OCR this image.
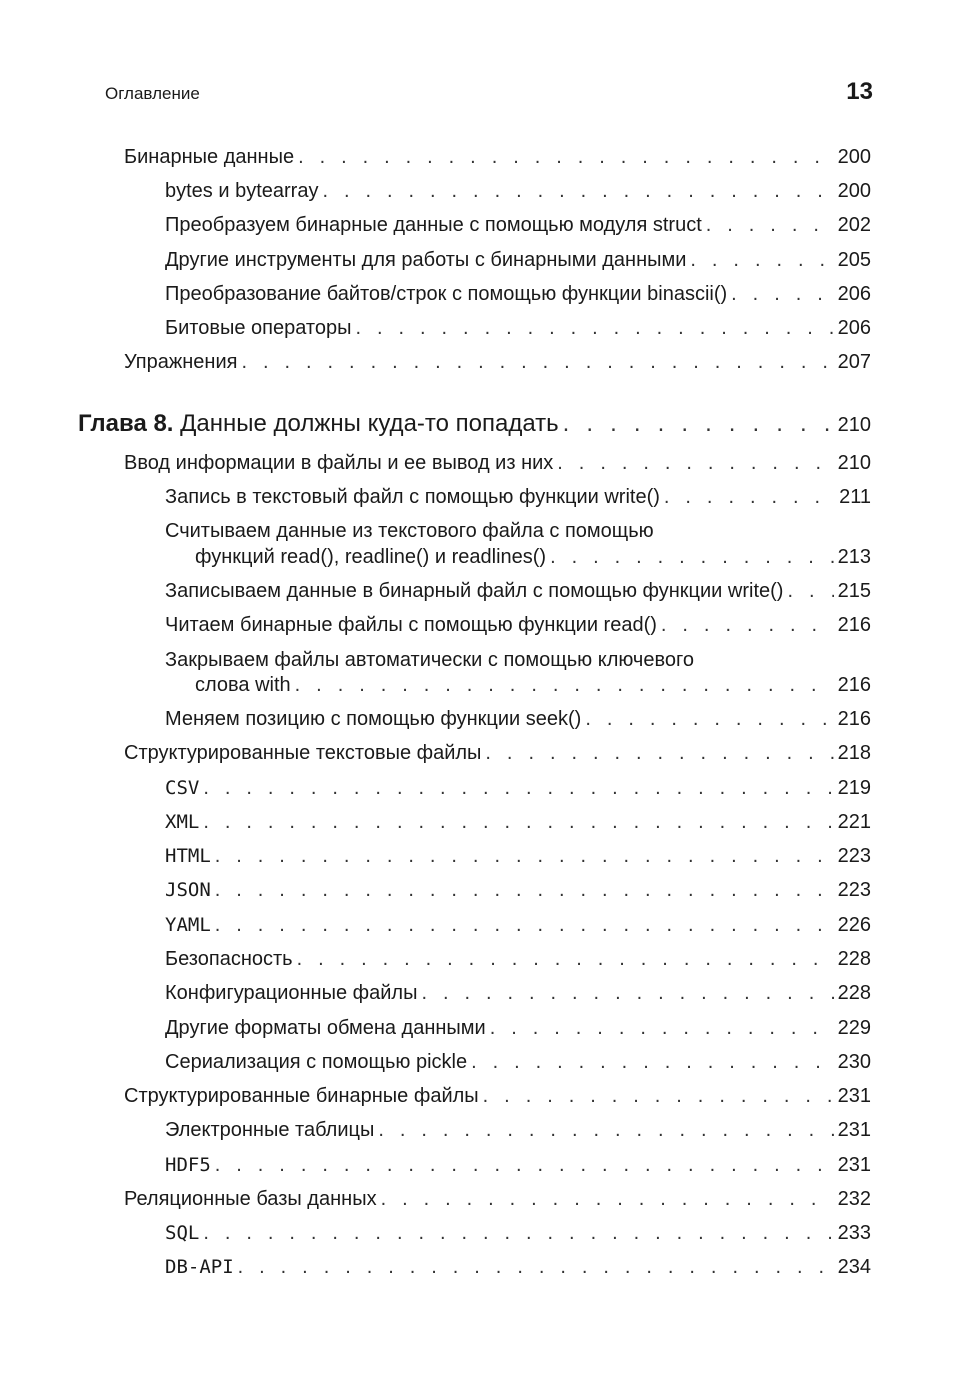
Оглавление	13
Бинарные данные . . .	200
bytes и bytearray . . .	200
Преобразуем бинарные данные с помощью модуля struct . . .	202
Другие инструменты для работы с бинарными данными . . .	205
Преобразование байтов/строк с помощью функции binascii() . . .	206
Битовые операторы . . .	206
Упражнения . . .	207
Глава 8. Данные должны куда-то попадать . . .	210
Ввод информации в файлы и ее вывод из них . . .	210
Запись в текстовый файл с помощью функции write() . . .	211
Считываем данные из текстового файла с помощью
функций read(), readline() и readlines() . . .	213
Записываем данные в бинарный файл с помощью функции write() . . .	215
Читаем бинарные файлы с помощью функции read() . . .	216
Закрываем файлы автоматически с помощью ключевого
слова with . . .	216
Меняем позицию с помощью функции seek() . . .	216
Структурированные текстовые файлы . . .	218
CSV . . .	219
XML . . .	221
HTML . . .	223
JSON . . .	223
YAML . . .	226
Безопасность . . .	228
Конфигурационные файлы . . .	228
Другие форматы обмена данными . . .	229
Сериализация с помощью pickle . . .	230
Структурированные бинарные файлы . . .	231
Электронные таблицы . . .	231
HDF5 . . .	231
Реляционные базы данных . . .	232
SQL . . .	233
DB-API . . .	234
